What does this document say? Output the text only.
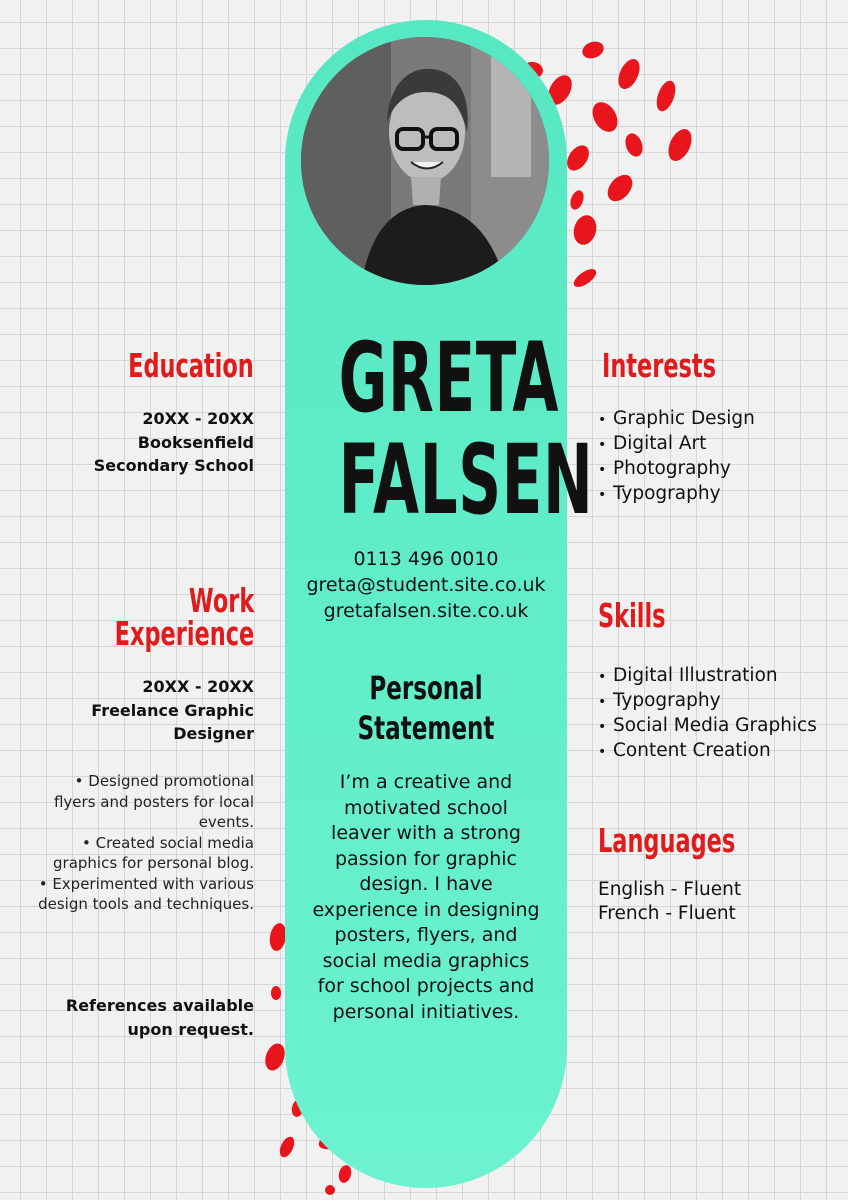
GRETA
FALSEN
0113 496 0010
greta@student.site.co.uk
gretafalsen.site.co.uk
Personal
Statement
I’m a creative and motivated school leaver with a strong passion for graphic design. I have experience in designing posters, flyers, and social media graphics for school projects and personal initiatives.
Education
20XX - 20XX
Booksenfield
Secondary School
Work
Experience
20XX - 20XX
Freelance Graphic
Designer
• Designed promotional flyers and posters for local events.
• Created social media graphics for personal blog.
• Experimented with various design tools and techniques.
References available
upon request.
Interests
• Graphic Design
• Digital Art
• Photography
• Typography
Skills
• Digital Illustration
• Typography
• Social Media Graphics
• Content Creation
Languages
English - Fluent
French - Fluent
